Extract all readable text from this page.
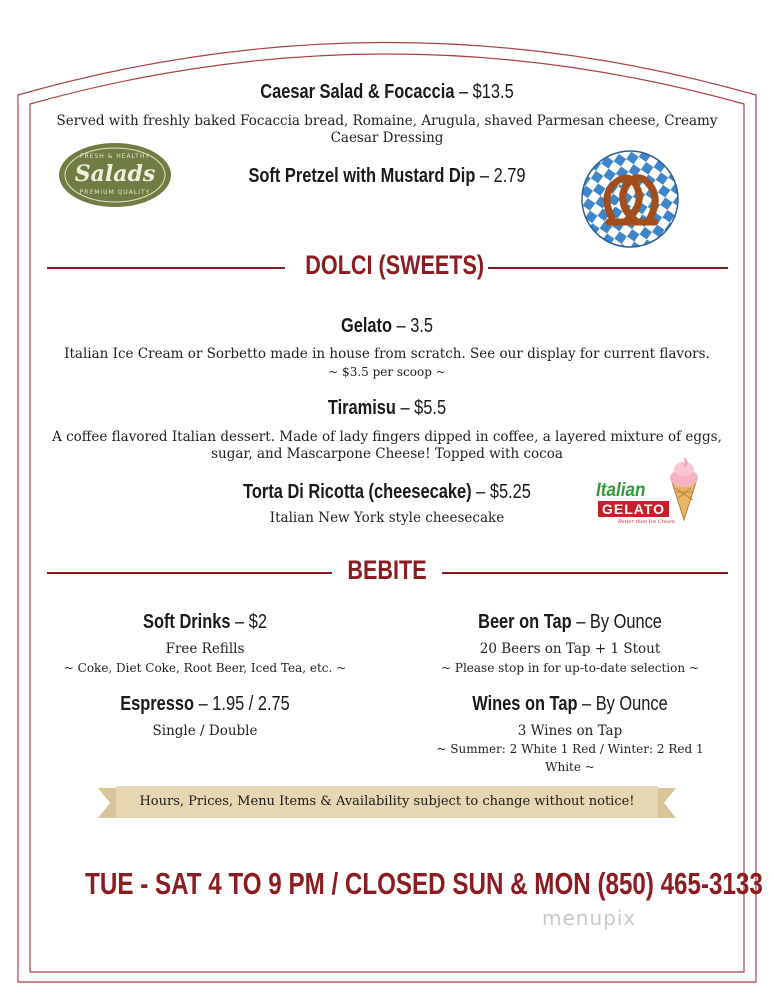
Caesar Salad & Focaccia – $13.5
Served with freshly baked Focaccia bread, Romaine, Arugula, shaved Parmesan cheese, Creamy Caesar Dressing
FRESH & HEALTHY
Salads
PREMIUM QUALITY
Soft Pretzel with Mustard Dip – 2.79
DOLCI (SWEETS)
Gelato – 3.5
Italian Ice Cream or Sorbetto made in house from scratch. See our display for current flavors.
~ $3.5 per scoop ~
Tiramisu – $5.5
A coffee flavored Italian dessert. Made of lady fingers dipped in coffee, a layered mixture of eggs, sugar, and Mascarpone Cheese! Topped with cocoa
Torta Di Ricotta (cheesecake) – $5.25
Italian New York style cheesecake
Italian
GELATO
Better than Ice Cream
BEBITE
Soft Drinks – $2
Free Refills
~ Coke, Diet Coke, Root Beer, Iced Tea, etc. ~
Espresso – 1.95 / 2.75
Single / Double
Beer on Tap – By Ounce
20 Beers on Tap + 1 Stout
~ Please stop in for up-to-date selection ~
Wines on Tap – By Ounce
3 Wines on Tap
~ Summer: 2 White 1 Red / Winter: 2 Red 1
White ~
Hours, Prices, Menu Items & Availability subject to change without notice!
TUE - SAT 4 TO 9 PM / CLOSED SUN & MON (850) 465-3133
menupix
